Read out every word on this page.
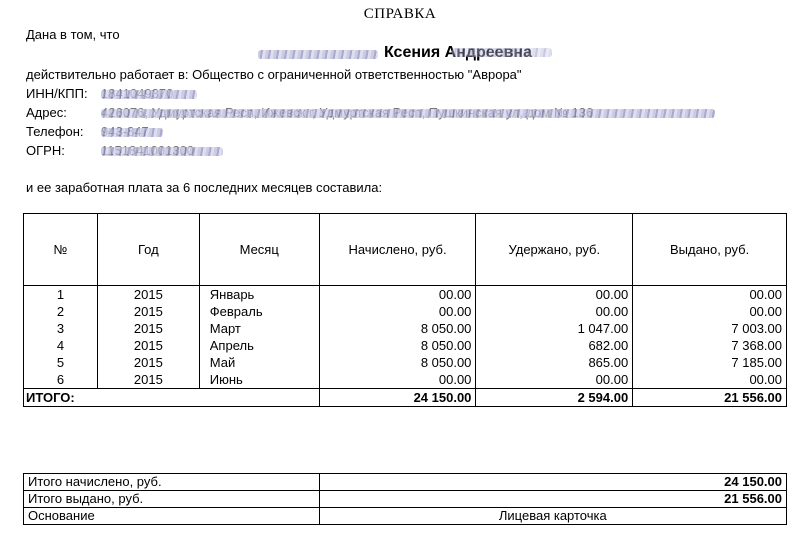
СПРАВКА
Дана в том, что
Ксения Андреевна
действительно работает в: Общество с ограниченной ответственностью "Аврора"
ИНН/КПП:
Адрес:
Телефон:
ОГРН:
и ее заработная плата за 6 последних месяцев составила:
№	Год	Месяц	Начислено, руб.	Удержано, руб.	Выдано, руб.
1	2015	Январь	00.00	00.00	00.00
2	2015	Февраль	00.00	00.00	00.00
3	2015	Март	8 050.00	1 047.00	7 003.00
4	2015	Апрель	8 050.00	682.00	7 368.00
5	2015	Май	8 050.00	865.00	7 185.00
6	2015	Июнь	00.00	00.00	00.00
ИТОГО:			24 150.00	2 594.00	21 556.00
Итого начислено, руб.	24 150.00
Итого выдано, руб.	21 556.00
Основание	Лицевая карточка
